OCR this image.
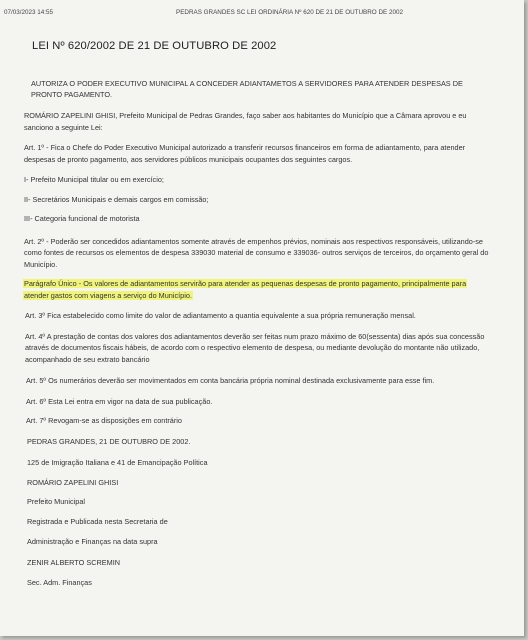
07/03/2023 14:55	PEDRAS GRANDES SC LEI ORDINÁRIA Nº 620 DE 21 DE OUTUBRO DE 2002
LEI Nº 620/2002 DE 21 DE OUTUBRO DE 2002
AUTORIZA O PODER EXECUTIVO MUNICIPAL A CONCEDER ADIANTAMETOS A SERVIDORES PARA ATENDER DESPESAS DE
PRONTO PAGAMENTO.
ROMÁRIO ZAPELINI GHISI, Prefeito Municipal de Pedras Grandes, faço saber aos habitantes do Município que a Câmara aprovou e eu
sanciono a seguinte Lei:
Art. 1º - Fica o Chefe do Poder Executivo Municipal autorizado a transferir recursos financeiros em forma de adiantamento, para atender
despesas de pronto pagamento, aos servidores públicos municipais ocupantes dos seguintes cargos.
I- Prefeito Municipal titular ou em exercício;
II- Secretários Municipais e demais cargos em comissão;
III- Categoria funcional de motorista
Art. 2º - Poderão ser concedidos adiantamentos somente através de empenhos prévios, nominais aos respectivos responsáveis, utilizando-se
como fontes de recursos os elementos de despesa 339030 material de consumo e 339036- outros serviços de terceiros, do orçamento geral do
Município.
Parágrafo Único - Os valores de adiantamentos servirão para atender as pequenas despesas de pronto pagamento, principalmente para
atender gastos com viagens a serviço do Município.
Art. 3º Fica estabelecido como limite do valor de adiantamento a quantia equivalente a sua própria remuneração mensal.
Art. 4º A prestação de contas dos valores dos adiantamentos deverão ser feitas num prazo máximo de 60(sessenta) dias após sua concessão
através de documentos fiscais hábeis, de acordo com o respectivo elemento de despesa, ou mediante devolução do montante não utilizado,
acompanhado de seu extrato bancário
Art. 5º Os numerários deverão ser movimentados em conta bancária própria nominal destinada exclusivamente para esse fim.
Art. 6º Esta Lei entra em vigor na data de sua publicação.
Art. 7º Revogam-se as disposições em contrário
PEDRAS GRANDES, 21 DE OUTUBRO DE 2002.
125 de Imigração Italiana e 41 de Emancipação Política
ROMÁRIO ZAPELINI GHISI
Prefeito Municipal
Registrada e Publicada nesta Secretaria de
Administração e Finanças na data supra
ZENIR ALBERTO SCREMIN
Sec. Adm. Finanças
